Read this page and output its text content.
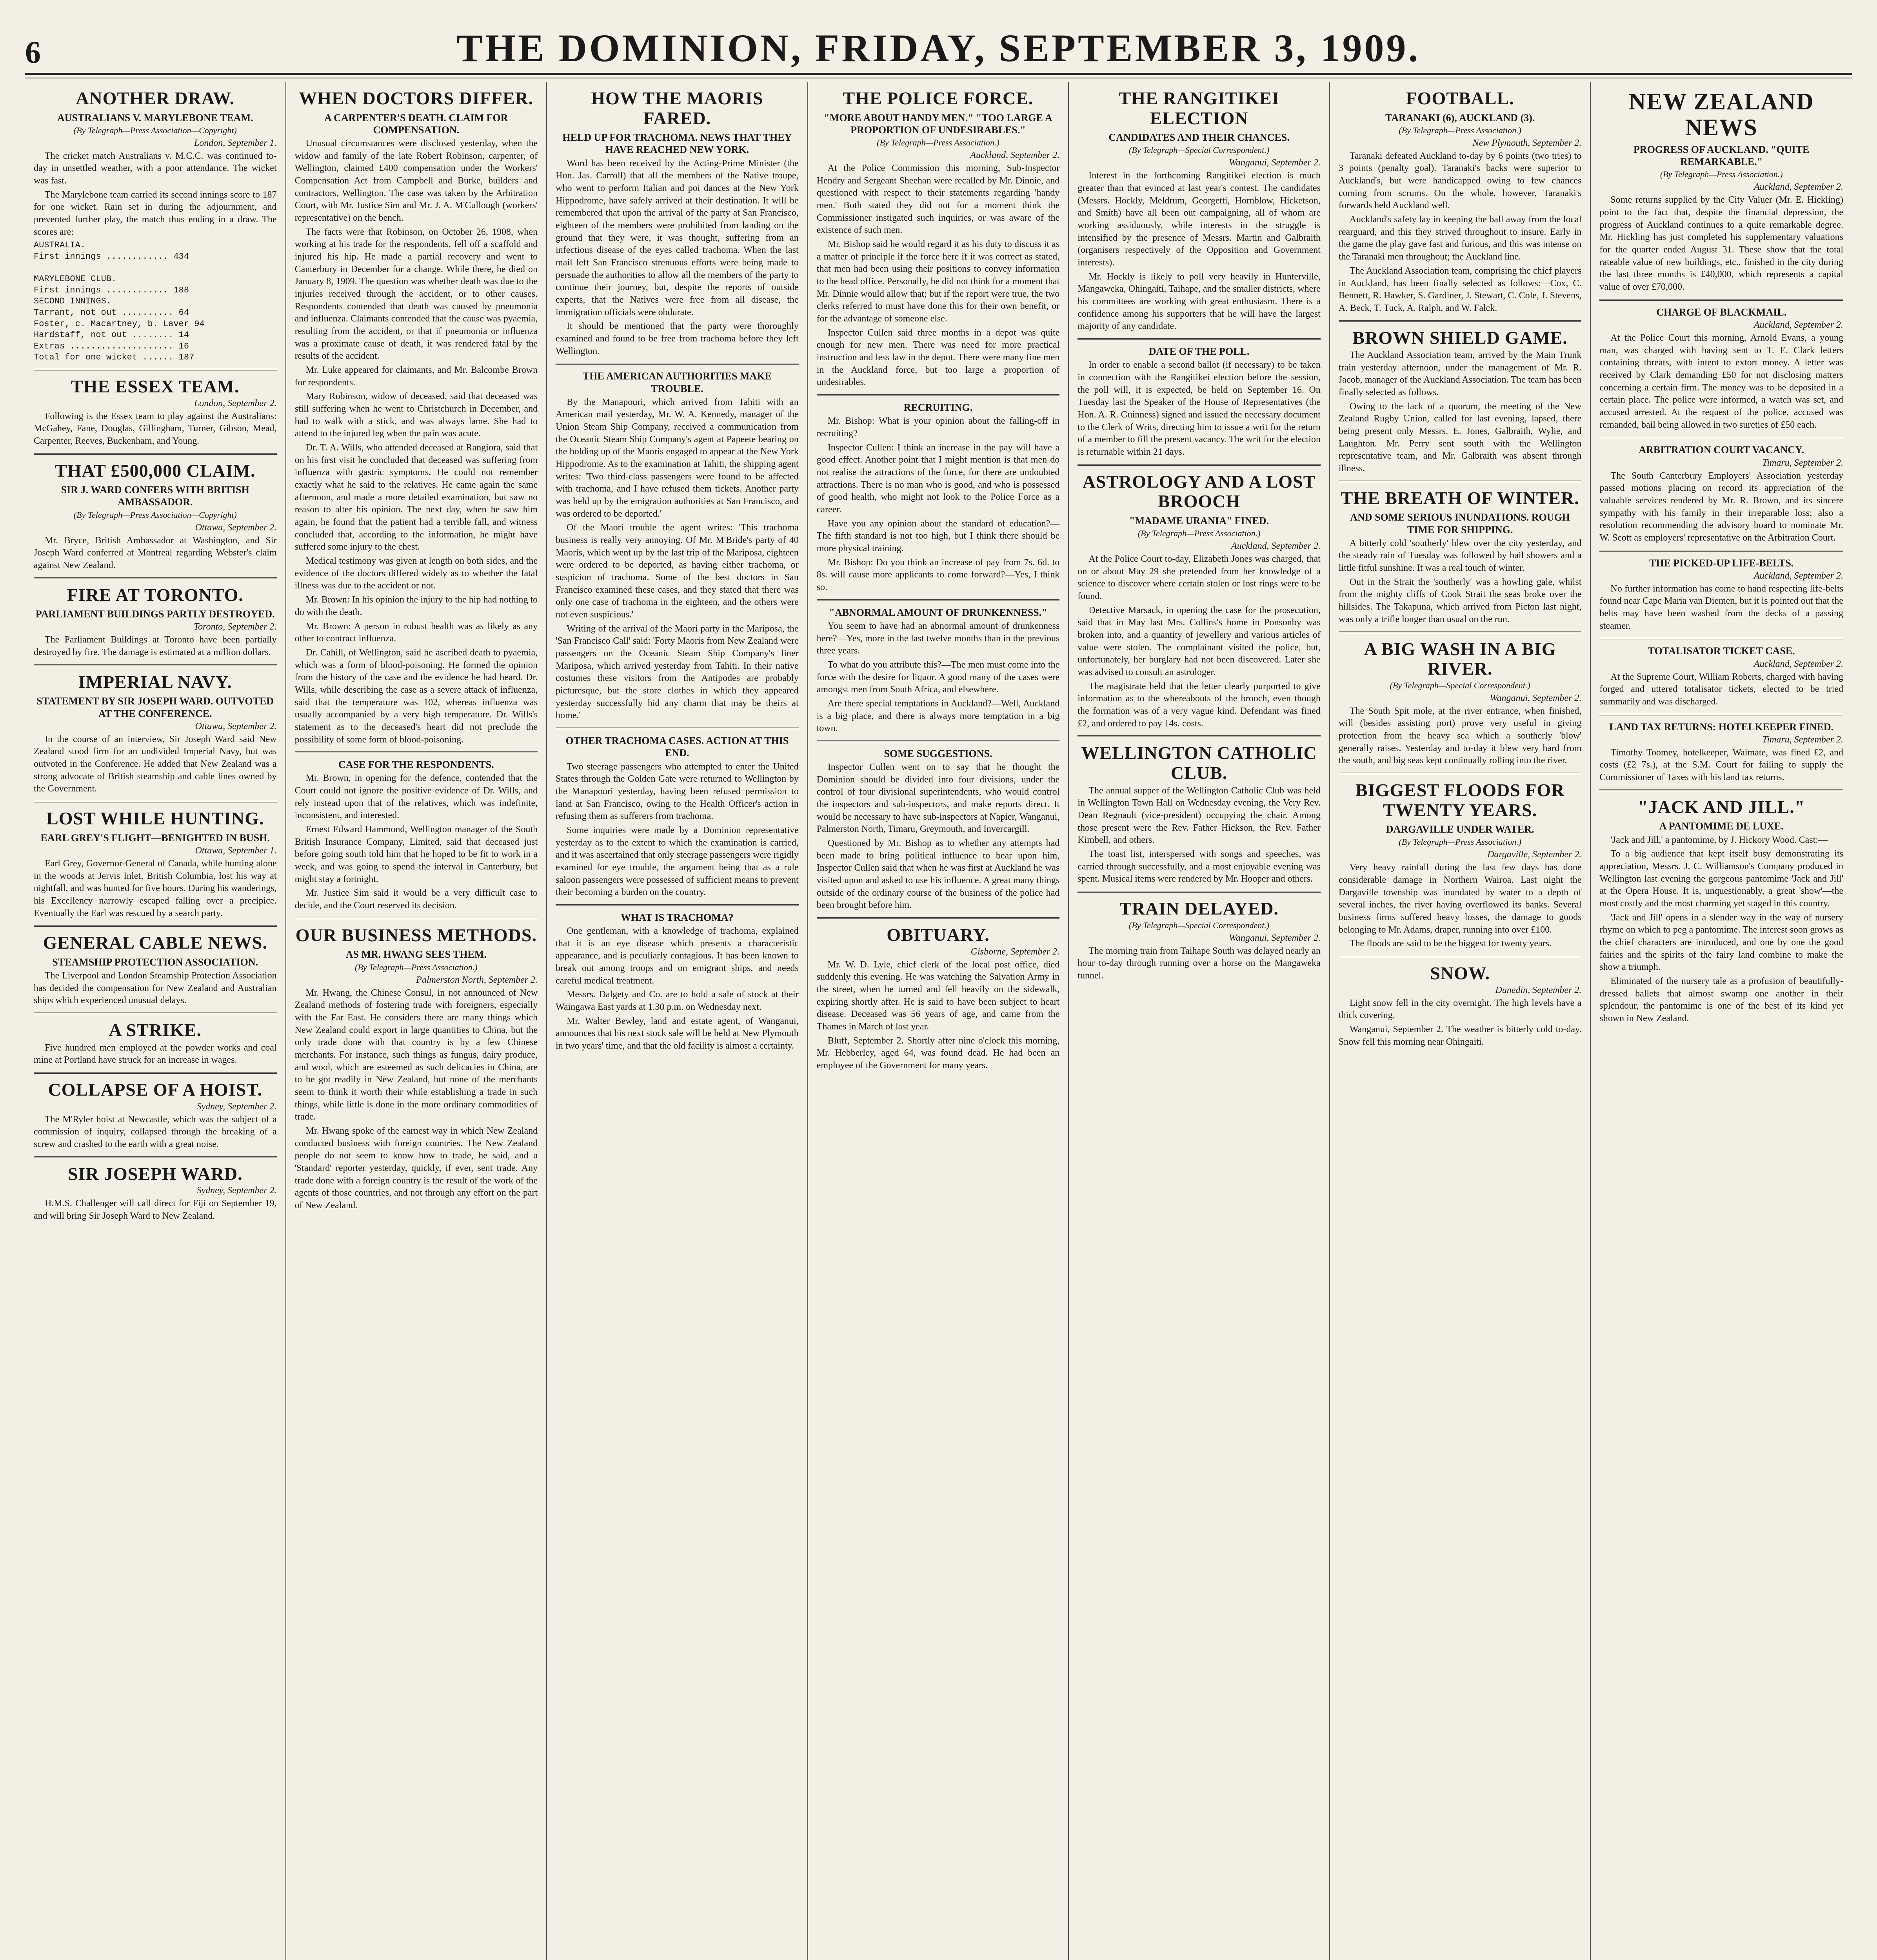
6	THE DOMINION, FRIDAY, SEPTEMBER 3, 1909.
ANOTHER DRAW.
AUSTRALIANS V. MARYLEBONE TEAM.
(By Telegraph—Press Association—Copyright)
London, September 1.

The cricket match Australians v. M.C.C. was continued to-day in unsettled weather, with a poor attendance. The wicket was fast.

The Marylebone team carried its second innings score to 187 for one wicket. Rain set in during the adjournment, and prevented further play, the match thus ending in a draw. The scores are:

AUSTRALIA.
First innings ............ 434

MARYLEBONE CLUB.
First innings ............ 188
SECOND INNINGS.
Tarrant, not out .......... 64
Foster, c. Macartney, b. Laver 94
Hardstaff, not out ........ 14
Extras .................... 16
Total for one wicket ...... 187
THE ESSEX TEAM.
London, September 2.

Following is the Essex team to play against the Australians: McGahey, Fane, Douglas, Gillingham, Turner, Gibson, Mead, Carpenter, Reeves, Buckenham, and Young.

THAT £500,000 CLAIM.
SIR J. WARD CONFERS WITH BRITISH AMBASSADOR.
(By Telegraph—Press Association—Copyright)
Ottawa, September 2.

Mr. Bryce, British Ambassador at Washington, and Sir Joseph Ward conferred at Montreal regarding Webster's claim against New Zealand.

FIRE AT TORONTO.
PARLIAMENT BUILDINGS PARTLY DESTROYED.
Toronto, September 2.

The Parliament Buildings at Toronto have been partially destroyed by fire. The damage is estimated at a million dollars.

IMPERIAL NAVY.
STATEMENT BY SIR JOSEPH WARD. OUTVOTED AT THE CONFERENCE.
Ottawa, September 2.

In the course of an interview, Sir Joseph Ward said New Zealand stood firm for an undivided Imperial Navy, but was outvoted in the Conference. He added that New Zealand was a strong advocate of British steamship and cable lines owned by the Government.

LOST WHILE HUNTING.
EARL GREY'S FLIGHT—BENIGHTED IN BUSH.
Ottawa, September 1.

Earl Grey, Governor-General of Canada, while hunting alone in the woods at Jervis Inlet, British Columbia, lost his way at nightfall, and was hunted for five hours. During his wanderings, his Excellency narrowly escaped falling over a precipice. Eventually the Earl was rescued by a search party.

GENERAL CABLE NEWS.
STEAMSHIP PROTECTION ASSOCIATION.

The Liverpool and London Steamship Protection Association has decided the compensation for New Zealand and Australian ships which experienced unusual delays.

A STRIKE.

Five hundred men employed at the powder works and coal mine at Portland have struck for an increase in wages.

COLLAPSE OF A HOIST.
Sydney, September 2.

The M'Ryler hoist at Newcastle, which was the subject of a commission of inquiry, collapsed through the breaking of a screw and crashed to the earth with a great noise.

SIR JOSEPH WARD.
Sydney, September 2.

H.M.S. Challenger will call direct for Fiji on September 19, and will bring Sir Joseph Ward to New Zealand.

WHEN DOCTORS DIFFER.
A CARPENTER'S DEATH. CLAIM FOR COMPENSATION.

Unusual circumstances were disclosed yesterday, when the widow and family of the late Robert Robinson, carpenter, of Wellington, claimed £400 compensation under the Workers' Compensation Act from Campbell and Burke, builders and contractors, Wellington. The case was taken by the Arbitration Court, with Mr. Justice Sim and Mr. J. A. M'Cullough (workers' representative) on the bench.

The facts were that Robinson, on October 26, 1908, when working at his trade for the respondents, fell off a scaffold and injured his hip. He made a partial recovery and went to Canterbury in December for a change. While there, he died on January 8, 1909. The question was whether death was due to the injuries received through the accident, or to other causes. Respondents contended that death was caused by pneumonia and influenza. Claimants contended that the cause was pyaemia, resulting from the accident, or that if pneumonia or influenza was a proximate cause of death, it was rendered fatal by the results of the accident.

Mr. Luke appeared for claimants, and Mr. Balcombe Brown for respondents.

Mary Robinson, widow of deceased, said that deceased was still suffering when he went to Christchurch in December, and had to walk with a stick, and was always lame. She had to attend to the injured leg when the pain was acute.

Dr. T. A. Wills, who attended deceased at Rangiora, said that on his first visit he concluded that deceased was suffering from influenza with gastric symptoms. He could not remember exactly what he said to the relatives. He came again the same afternoon, and made a more detailed examination, but saw no reason to alter his opinion. The next day, when he saw him again, he found that the patient had a terrible fall, and witness concluded that, according to the information, he might have suffered some injury to the chest.

Medical testimony was given at length on both sides, and the evidence of the doctors differed widely as to whether the fatal illness was due to the accident or not.

Mr. Brown: In his opinion the injury to the hip had nothing to do with the death.

Mr. Brown: A person in robust health was as likely as any other to contract influenza.

Dr. Cahill, of Wellington, said he ascribed death to pyaemia, which was a form of blood-poisoning. He formed the opinion from the history of the case and the evidence he had heard. Dr. Wills, while describing the case as a severe attack of influenza, said that the temperature was 102, whereas influenza was usually accompanied by a very high temperature. Dr. Wills's statement as to the deceased's heart did not preclude the possibility of some form of blood-poisoning.

CASE FOR THE RESPONDENTS.

Mr. Brown, in opening for the defence, contended that the Court could not ignore the positive evidence of Dr. Wills, and rely instead upon that of the relatives, which was indefinite, inconsistent, and interested.

Ernest Edward Hammond, Wellington manager of the South British Insurance Company, Limited, said that deceased just before going south told him that he hoped to be fit to work in a week, and was going to spend the interval in Canterbury, but might stay a fortnight.

Mr. Justice Sim said it would be a very difficult case to decide, and the Court reserved its decision.

OUR BUSINESS METHODS.
AS MR. HWANG SEES THEM.
(By Telegraph—Press Association.)
Palmerston North, September 2.

Mr. Hwang, the Chinese Consul, in not announced of New Zealand methods of fostering trade with foreigners, especially with the Far East. He considers there are many things which New Zealand could export in large quantities to China, but the only trade done with that country is by a few Chinese merchants. For instance, such things as fungus, dairy produce, and wool, which are esteemed as such delicacies in China, are to be got readily in New Zealand, but none of the merchants seem to think it worth their while establishing a trade in such things, while little is done in the more ordinary commodities of trade.

Mr. Hwang spoke of the earnest way in which New Zealand conducted business with foreign countries. The New Zealand people do not seem to know how to trade, he said, and a 'Standard' reporter yesterday, quickly, if ever, sent trade. Any trade done with a foreign country is the result of the work of the agents of those countries, and not through any effort on the part of New Zealand.

HOW THE MAORIS FARED.
HELD UP FOR TRACHOMA. NEWS THAT THEY HAVE REACHED NEW YORK.

Word has been received by the Acting-Prime Minister (the Hon. Jas. Carroll) that all the members of the Native troupe, who went to perform Italian and poi dances at the New York Hippodrome, have safely arrived at their destination. It will be remembered that upon the arrival of the party at San Francisco, eighteen of the members were prohibited from landing on the ground that they were, it was thought, suffering from an infectious disease of the eyes called trachoma. When the last mail left San Francisco strenuous efforts were being made to persuade the authorities to allow all the members of the party to continue their journey, but, despite the reports of outside experts, that the Natives were free from all disease, the immigration officials were obdurate.

It should be mentioned that the party were thoroughly examined and found to be free from trachoma before they left Wellington.

THE AMERICAN AUTHORITIES MAKE TROUBLE.

By the Manapouri, which arrived from Tahiti with an American mail yesterday, Mr. W. A. Kennedy, manager of the Union Steam Ship Company, received a communication from the Oceanic Steam Ship Company's agent at Papeete bearing on the holding up of the Maoris engaged to appear at the New York Hippodrome. As to the examination at Tahiti, the shipping agent writes: 'Two third-class passengers were found to be affected with trachoma, and I have refused them tickets. Another party was held up by the emigration authorities at San Francisco, and was ordered to be deported.'

Of the Maori trouble the agent writes: 'This trachoma business is really very annoying. Of Mr. M'Bride's party of 40 Maoris, which went up by the last trip of the Mariposa, eighteen were ordered to be deported, as having either trachoma, or suspicion of trachoma. Some of the best doctors in San Francisco examined these cases, and they stated that there was only one case of trachoma in the eighteen, and the others were not even suspicious.'

Writing of the arrival of the Maori party in the Mariposa, the 'San Francisco Call' said: 'Forty Maoris from New Zealand were passengers on the Oceanic Steam Ship Company's liner Mariposa, which arrived yesterday from Tahiti. In their native costumes these visitors from the Antipodes are probably picturesque, but the store clothes in which they appeared yesterday successfully hid any charm that may be theirs at home.'

OTHER TRACHOMA CASES. ACTION AT THIS END.

Two steerage passengers who attempted to enter the United States through the Golden Gate were returned to Wellington by the Manapouri yesterday, having been refused permission to land at San Francisco, owing to the Health Officer's action in refusing them as sufferers from trachoma.

Some inquiries were made by a Dominion representative yesterday as to the extent to which the examination is carried, and it was ascertained that only steerage passengers were rigidly examined for eye trouble, the argument being that as a rule saloon passengers were possessed of sufficient means to prevent their becoming a burden on the country.

WHAT IS TRACHOMA?

One gentleman, with a knowledge of trachoma, explained that it is an eye disease which presents a characteristic appearance, and is peculiarly contagious. It has been known to break out among troops and on emigrant ships, and needs careful medical treatment.

Messrs. Dalgety and Co. are to hold a sale of stock at their Waingawa East yards at 1.30 p.m. on Wednesday next.

Mr. Walter Bewley, land and estate agent, of Wanganui, announces that his next stock sale will be held at New Plymouth in two years' time, and that the old facility is almost a certainty.

THE POLICE FORCE.
"MORE ABOUT HANDY MEN." "TOO LARGE A PROPORTION OF UNDESIRABLES."
(By Telegraph—Press Association.)
Auckland, September 2.

At the Police Commission this morning, Sub-Inspector Hendry and Sergeant Sheehan were recalled by Mr. Dinnie, and questioned with respect to their statements regarding 'handy men.' Both stated they did not for a moment think the Commissioner instigated such inquiries, or was aware of the existence of such men.

Mr. Bishop said he would regard it as his duty to discuss it as a matter of principle if the force here if it was correct as stated, that men had been using their positions to convey information to the head office. Personally, he did not think for a moment that Mr. Dinnie would allow that; but if the report were true, the two clerks referred to must have done this for their own benefit, or for the advantage of someone else.

Inspector Cullen said three months in a depot was quite enough for new men. There was need for more practical instruction and less law in the depot. There were many fine men in the Auckland force, but too large a proportion of undesirables.

RECRUITING.

Mr. Bishop: What is your opinion about the falling-off in recruiting?

Inspector Cullen: I think an increase in the pay will have a good effect. Another point that I might mention is that men do not realise the attractions of the force, for there are undoubted attractions. There is no man who is good, and who is possessed of good health, who might not look to the Police Force as a career.

Have you any opinion about the standard of education?—The fifth standard is not too high, but I think there should be more physical training.

Mr. Bishop: Do you think an increase of pay from 7s. 6d. to 8s. will cause more applicants to come forward?—Yes, I think so.

"ABNORMAL AMOUNT OF DRUNKENNESS."

You seem to have had an abnormal amount of drunkenness here?—Yes, more in the last twelve months than in the previous three years.

To what do you attribute this?—The men must come into the force with the desire for liquor. A good many of the cases were amongst men from South Africa, and elsewhere.

Are there special temptations in Auckland?—Well, Auckland is a big place, and there is always more temptation in a big town.

SOME SUGGESTIONS.

Inspector Cullen went on to say that he thought the Dominion should be divided into four divisions, under the control of four divisional superintendents, who would control the inspectors and sub-inspectors, and make reports direct. It would be necessary to have sub-inspectors at Napier, Wanganui, Palmerston North, Timaru, Greymouth, and Invercargill.

Questioned by Mr. Bishop as to whether any attempts had been made to bring political influence to bear upon him, Inspector Cullen said that when he was first at Auckland he was visited upon and asked to use his influence. A great many things outside of the ordinary course of the business of the police had been brought before him.

OBITUARY.
Gisborne, September 2.

Mr. W. D. Lyle, chief clerk of the local post office, died suddenly this evening. He was watching the Salvation Army in the street, when he turned and fell heavily on the sidewalk, expiring shortly after. He is said to have been subject to heart disease. Deceased was 56 years of age, and came from the Thames in March of last year.

Bluff, September 2. Shortly after nine o'clock this morning, Mr. Hebberley, aged 64, was found dead. He had been an employee of the Government for many years.

THE RANGITIKEI ELECTION
CANDIDATES AND THEIR CHANCES.
(By Telegraph—Special Correspondent.)
Wanganui, September 2.

Interest in the forthcoming Rangitikei election is much greater than that evinced at last year's contest. The candidates (Messrs. Hockly, Meldrum, Georgetti, Hornblow, Hicketson, and Smith) have all been out campaigning, all of whom are working assiduously, while interests in the struggle is intensified by the presence of Messrs. Martin and Galbraith (organisers respectively of the Opposition and Government interests).

Mr. Hockly is likely to poll very heavily in Hunterville, Mangaweka, Ohingaiti, Taihape, and the smaller districts, where his committees are working with great enthusiasm. There is a confidence among his supporters that he will have the largest majority of any candidate.

DATE OF THE POLL.

In order to enable a second ballot (if necessary) to be taken in connection with the Rangitikei election before the session, the poll will, it is expected, be held on September 16. On Tuesday last the Speaker of the House of Representatives (the Hon. A. R. Guinness) signed and issued the necessary document to the Clerk of Writs, directing him to issue a writ for the return of a member to fill the present vacancy. The writ for the election is returnable within 21 days.

ASTROLOGY AND A LOST BROOCH
"MADAME URANIA" FINED.
(By Telegraph—Press Association.)
Auckland, September 2.

At the Police Court to-day, Elizabeth Jones was charged, that on or about May 29 she pretended from her knowledge of a science to discover where certain stolen or lost rings were to be found.

Detective Marsack, in opening the case for the prosecution, said that in May last Mrs. Collins's home in Ponsonby was broken into, and a quantity of jewellery and various articles of value were stolen. The complainant visited the police, but, unfortunately, her burglary had not been discovered. Later she was advised to consult an astrologer.

The magistrate held that the letter clearly purported to give information as to the whereabouts of the brooch, even though the formation was of a very vague kind. Defendant was fined £2, and ordered to pay 14s. costs.

WELLINGTON CATHOLIC CLUB.

The annual supper of the Wellington Catholic Club was held in Wellington Town Hall on Wednesday evening, the Very Rev. Dean Regnault (vice-president) occupying the chair. Among those present were the Rev. Father Hickson, the Rev. Father Kimbell, and others.

The toast list, interspersed with songs and speeches, was carried through successfully, and a most enjoyable evening was spent. Musical items were rendered by Mr. Hooper and others.

TRAIN DELAYED.
(By Telegraph—Special Correspondent.)
Wanganui, September 2.

The morning train from Taihape South was delayed nearly an hour to-day through running over a horse on the Mangaweka tunnel.

FOOTBALL.
TARANAKI (6), AUCKLAND (3).
(By Telegraph—Press Association.)
New Plymouth, September 2.

Taranaki defeated Auckland to-day by 6 points (two tries) to 3 points (penalty goal). Taranaki's backs were superior to Auckland's, but were handicapped owing to few chances coming from scrums. On the whole, however, Taranaki's forwards held Auckland well.

Auckland's safety lay in keeping the ball away from the local rearguard, and this they strived throughout to insure. Early in the game the play gave fast and furious, and this was intense on the Taranaki men throughout; the Auckland line.

The Auckland Association team, comprising the chief players in Auckland, has been finally selected as follows:—Cox, C. Bennett, R. Hawker, S. Gardiner, J. Stewart, C. Cole, J. Stevens, A. Beck, T. Tuck, A. Ralph, and W. Falck.

BROWN SHIELD GAME.

The Auckland Association team, arrived by the Main Trunk train yesterday afternoon, under the management of Mr. R. Jacob, manager of the Auckland Association. The team has been finally selected as follows.

Owing to the lack of a quorum, the meeting of the New Zealand Rugby Union, called for last evening, lapsed, there being present only Messrs. E. Jones, Galbraith, Wylie, and Laughton. Mr. Perry sent south with the Wellington representative team, and Mr. Galbraith was absent through illness.

THE BREATH OF WINTER.
AND SOME SERIOUS INUNDATIONS. ROUGH TIME FOR SHIPPING.

A bitterly cold 'southerly' blew over the city yesterday, and the steady rain of Tuesday was followed by hail showers and a little fitful sunshine. It was a real touch of winter.

Out in the Strait the 'southerly' was a howling gale, whilst from the mighty cliffs of Cook Strait the seas broke over the hillsides. The Takapuna, which arrived from Picton last night, was only a trifle longer than usual on the run.

A BIG WASH IN A BIG RIVER.
(By Telegraph—Special Correspondent.)
Wanganui, September 2.

The South Spit mole, at the river entrance, when finished, will (besides assisting port) prove very useful in giving protection from the heavy sea which a southerly 'blow' generally raises. Yesterday and to-day it blew very hard from the south, and big seas kept continually rolling into the river.

BIGGEST FLOODS FOR TWENTY YEARS.
DARGAVILLE UNDER WATER.
(By Telegraph—Press Association.)
Dargaville, September 2.

Very heavy rainfall during the last few days has done considerable damage in Northern Wairoa. Last night the Dargaville township was inundated by water to a depth of several inches, the river having overflowed its banks. Several business firms suffered heavy losses, the damage to goods belonging to Mr. Adams, draper, running into over £100.

The floods are said to be the biggest for twenty years.

SNOW.
Dunedin, September 2.

Light snow fell in the city overnight. The high levels have a thick covering.

Wanganui, September 2. The weather is bitterly cold to-day. Snow fell this morning near Ohingaiti.

NEW ZEALAND NEWS
PROGRESS OF AUCKLAND. "QUITE REMARKABLE."
(By Telegraph—Press Association.)
Auckland, September 2.

Some returns supplied by the City Valuer (Mr. E. Hickling) point to the fact that, despite the financial depression, the progress of Auckland continues to a quite remarkable degree. Mr. Hickling has just completed his supplementary valuations for the quarter ended August 31. These show that the total rateable value of new buildings, etc., finished in the city during the last three months is £40,000, which represents a capital value of over £70,000.

CHARGE OF BLACKMAIL.
Auckland, September 2.

At the Police Court this morning, Arnold Evans, a young man, was charged with having sent to T. E. Clark letters containing threats, with intent to extort money. A letter was received by Clark demanding £50 for not disclosing matters concerning a certain firm. The money was to be deposited in a certain place. The police were informed, a watch was set, and accused arrested. At the request of the police, accused was remanded, bail being allowed in two sureties of £50 each.

ARBITRATION COURT VACANCY.
Timaru, September 2.

The South Canterbury Employers' Association yesterday passed motions placing on record its appreciation of the valuable services rendered by Mr. R. Brown, and its sincere sympathy with his family in their irreparable loss; also a resolution recommending the advisory board to nominate Mr. W. Scott as employers' representative on the Arbitration Court.

THE PICKED-UP LIFE-BELTS.
Auckland, September 2.

No further information has come to hand respecting life-belts found near Cape Maria van Diemen, but it is pointed out that the belts may have been washed from the decks of a passing steamer.

TOTALISATOR TICKET CASE.
Auckland, September 2.

At the Supreme Court, William Roberts, charged with having forged and uttered totalisator tickets, elected to be tried summarily and was discharged.

LAND TAX RETURNS: HOTELKEEPER FINED.
Timaru, September 2.

Timothy Toomey, hotelkeeper, Waimate, was fined £2, and costs (£2 7s.), at the S.M. Court for failing to supply the Commissioner of Taxes with his land tax returns.

"JACK AND JILL."
A PANTOMIME DE LUXE.

'Jack and Jill,' a pantomime, by J. Hickory Wood. Cast:—

To a big audience that kept itself busy demonstrating its appreciation, Messrs. J. C. Williamson's Company produced in Wellington last evening the gorgeous pantomime 'Jack and Jill' at the Opera House. It is, unquestionably, a great 'show'—the most costly and the most charming yet staged in this country.

'Jack and Jill' opens in a slender way in the way of nursery rhyme on which to peg a pantomime. The interest soon grows as the chief characters are introduced, and one by one the good fairies and the spirits of the fairy land combine to make the show a triumph.

Eliminated of the nursery tale as a profusion of beautifully-dressed ballets that almost swamp one another in their splendour, the pantomime is one of the best of its kind yet shown in New Zealand.
